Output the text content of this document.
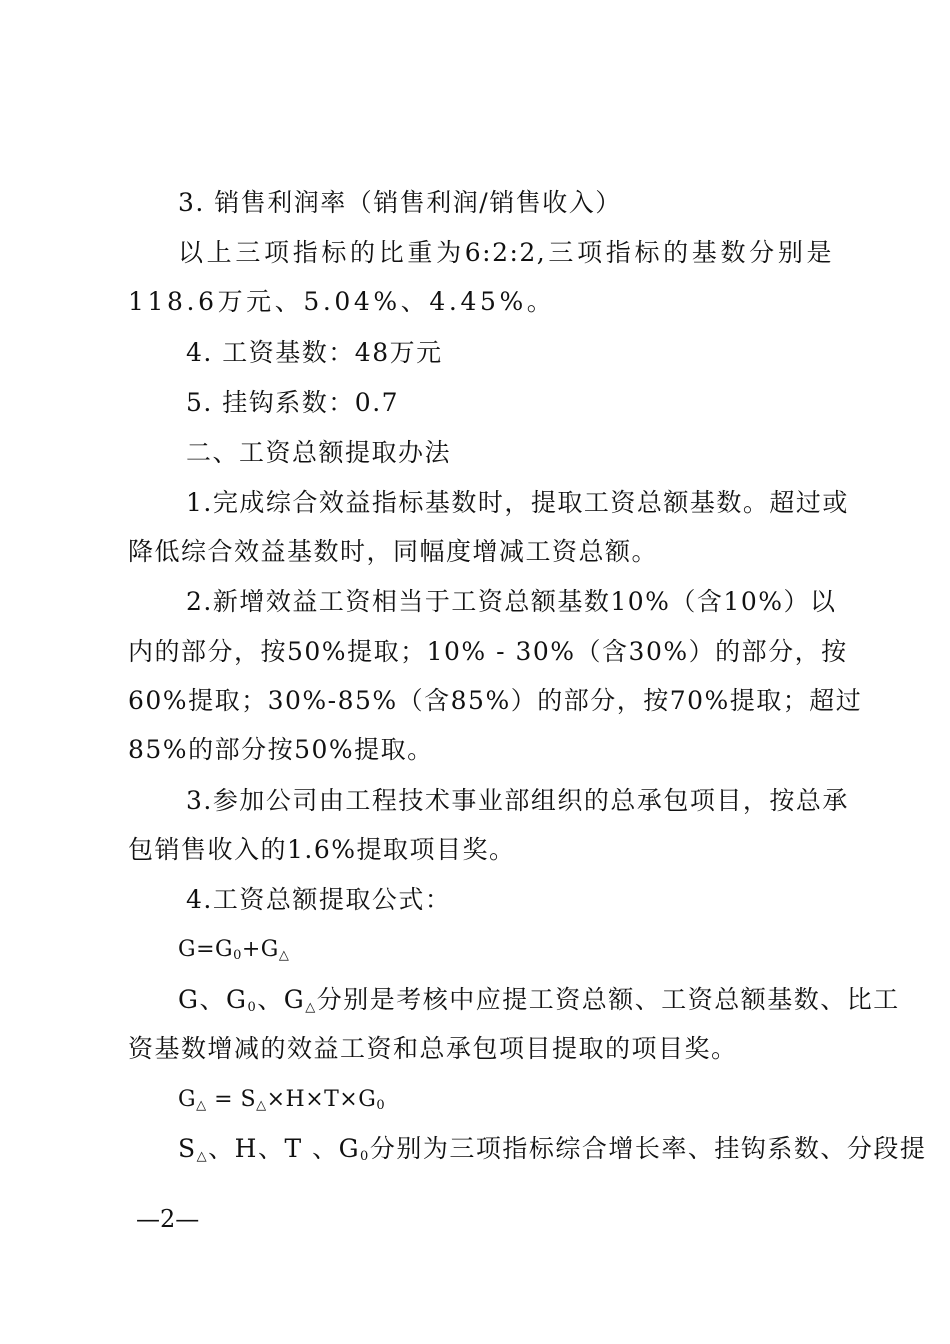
3. 销售利润率（销售利润/销售收入）
以上三项指标的比重为6:2:2,三项指标的基数分别是
118.6万元、5.04%、4.45%。
4. 工资基数：48万元
5. 挂钩系数：0.7
二、工资总额提取办法
1.完成综合效益指标基数时，提取工资总额基数。超过或
降低综合效益基数时，同幅度增减工资总额。
2.新增效益工资相当于工资总额基数10%（含10%）以
内的部分，按50%提取；10% - 30%（含30%）的部分，按
60%提取；30%-85%（含85%）的部分，按70%提取；超过
85%的部分按50%提取。
3.参加公司由工程技术事业部组织的总承包项目，按总承
包销售收入的1.6%提取项目奖。
4.工资总额提取公式：
$G=G_0+G_\triangle$
G、$G_0$、$G_\triangle$分别是考核中应提工资总额、工资总额基数、比工
资基数增减的效益工资和总承包项目提取的项目奖。
$G_\triangle = S_\triangle\times H\times T\times G_0$
$S_\triangle$、H、T 、$G_0$分别为三项指标综合增长率、挂钩系数、分段提
—2—
